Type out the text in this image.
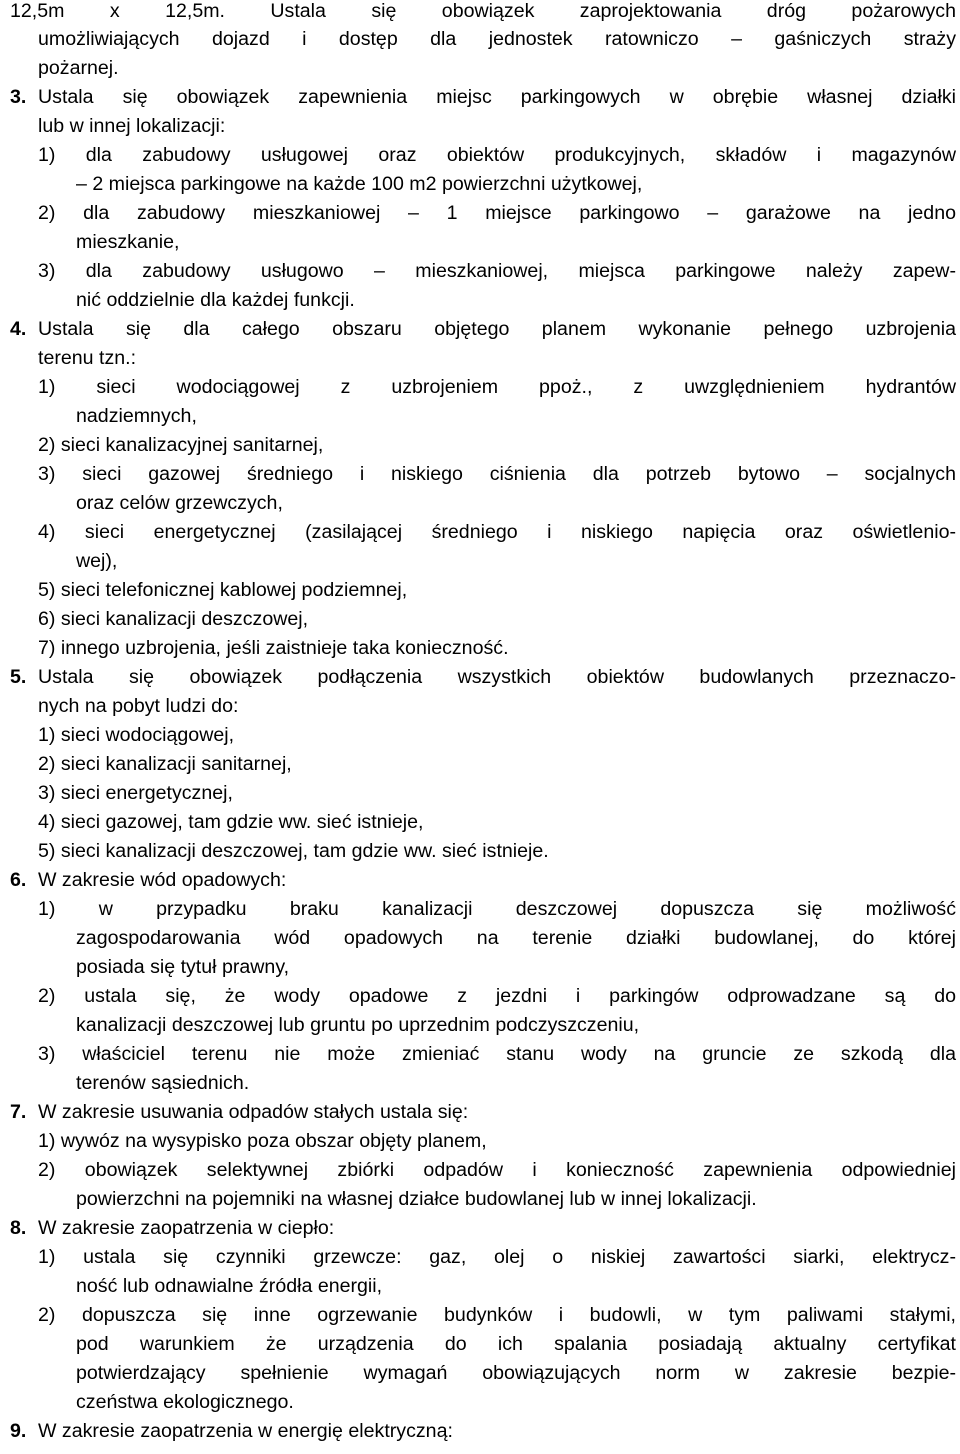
12,5m x 12,5m. Ustala się obowiązek zaprojektowania dróg pożarowych
umożliwiających dojazd i dostęp dla jednostek ratowniczo – gaśniczych straży
pożarnej.
3. Ustala się obowiązek zapewnienia miejsc parkingowych w obrębie własnej działki
lub w innej lokalizacji:
1) dla zabudowy usługowej oraz obiektów produkcyjnych, składów i magazynów
– 2 miejsca parkingowe na każde 100 m2 powierzchni użytkowej,
2) dla zabudowy mieszkaniowej – 1 miejsce parkingowo – garażowe na jedno
mieszkanie,
3) dla zabudowy usługowo – mieszkaniowej, miejsca parkingowe należy zapew-
nić oddzielnie dla każdej funkcji.
4. Ustala się dla całego obszaru objętego planem wykonanie pełnego uzbrojenia
terenu tzn.:
1) sieci wodociągowej z uzbrojeniem ppoż., z uwzględnieniem hydrantów
nadziemnych,
2) sieci kanalizacyjnej sanitarnej,
3) sieci gazowej średniego i niskiego ciśnienia dla potrzeb bytowo – socjalnych
oraz celów grzewczych,
4) sieci energetycznej (zasilającej średniego i niskiego napięcia oraz oświetlenio-
wej),
5) sieci telefonicznej kablowej podziemnej,
6) sieci kanalizacji deszczowej,
7) innego uzbrojenia, jeśli zaistnieje taka konieczność.
5. Ustala się obowiązek podłączenia wszystkich obiektów budowlanych przeznaczo-
nych na pobyt ludzi do:
1) sieci wodociągowej,
2) sieci kanalizacji sanitarnej,
3) sieci energetycznej,
4) sieci gazowej, tam gdzie ww. sieć istnieje,
5) sieci kanalizacji deszczowej, tam gdzie ww. sieć istnieje.
6. W zakresie wód opadowych:
1) w przypadku braku kanalizacji deszczowej dopuszcza się możliwość
zagospodarowania wód opadowych na terenie działki budowlanej, do której
posiada się tytuł prawny,
2) ustala się, że wody opadowe z jezdni i parkingów odprowadzane są do
kanalizacji deszczowej lub gruntu po uprzednim podczyszczeniu,
3) właściciel terenu nie może zmieniać stanu wody na gruncie ze szkodą dla
terenów sąsiednich.
7. W zakresie usuwania odpadów stałych ustala się:
1) wywóz na wysypisko poza obszar objęty planem,
2) obowiązek selektywnej zbiórki odpadów i konieczność zapewnienia odpowiedniej
powierzchni na pojemniki na własnej działce budowlanej lub w innej lokalizacji.
8. W zakresie zaopatrzenia w ciepło:
1) ustala się czynniki grzewcze: gaz, olej o niskiej zawartości siarki, elektrycz-
ność lub odnawialne źródła energii,
2) dopuszcza się inne ogrzewanie budynków i budowli, w tym paliwami stałymi,
pod warunkiem że urządzenia do ich spalania posiadają aktualny certyfikat
potwierdzający spełnienie wymagań obowiązujących norm w zakresie bezpie-
czeństwa ekologicznego.
9. W zakresie zaopatrzenia w energię elektryczną:
